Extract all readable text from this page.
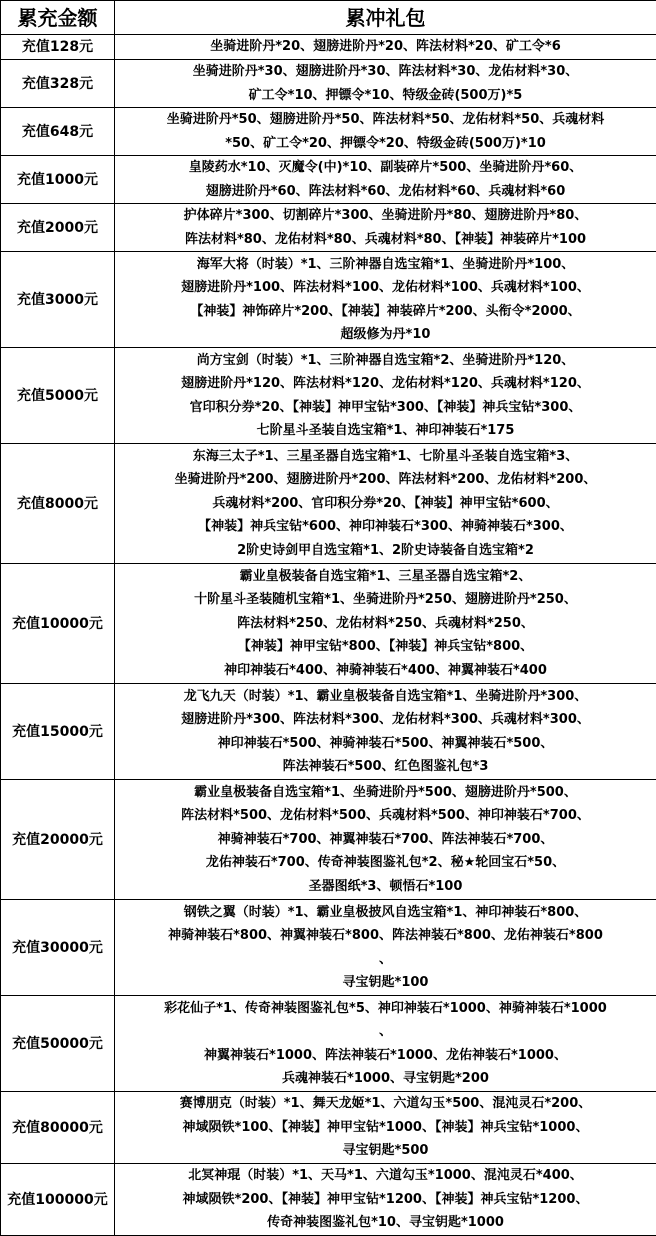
累充金额	累冲礼包
充值128元	坐骑进阶丹*20、翅膀进阶丹*20、阵法材料*20、矿工令*6
充值328元	坐骑进阶丹*30、翅膀进阶丹*30、阵法材料*30、龙佑材料*30、
矿工令*10、押镖令*10、特级金砖(500万)*5
充值648元	坐骑进阶丹*50、翅膀进阶丹*50、阵法材料*50、龙佑材料*50、兵魂材料
*50、矿工令*20、押镖令*20、特级金砖(500万)*10
充值1000元	皇陵药水*10、灭魔令(中)*10、副装碎片*500、坐骑进阶丹*60、
翅膀进阶丹*60、阵法材料*60、龙佑材料*60、兵魂材料*60
充值2000元	护体碎片*300、切割碎片*300、坐骑进阶丹*80、翅膀进阶丹*80、
阵法材料*80、龙佑材料*80、兵魂材料*80、【神装】神装碎片*100
充值3000元	海军大将（时装）*1、三阶神器自选宝箱*1、坐骑进阶丹*100、
翅膀进阶丹*100、阵法材料*100、龙佑材料*100、兵魂材料*100、
【神装】神饰碎片*200、【神装】神装碎片*200、头衔令*2000、
超级修为丹*10
充值5000元	尚方宝剑（时装）*1、三阶神器自选宝箱*2、坐骑进阶丹*120、
翅膀进阶丹*120、阵法材料*120、龙佑材料*120、兵魂材料*120、
官印积分券*20、【神装】神甲宝钻*300、【神装】神兵宝钻*300、
七阶星斗圣装自选宝箱*1、神印神装石*175
充值8000元	东海三太子*1、三星圣器自选宝箱*1、七阶星斗圣装自选宝箱*3、
坐骑进阶丹*200、翅膀进阶丹*200、阵法材料*200、龙佑材料*200、
兵魂材料*200、官印积分券*20、【神装】神甲宝钻*600、
【神装】神兵宝钻*600、神印神装石*300、神骑神装石*300、
2阶史诗剑甲自选宝箱*1、2阶史诗装备自选宝箱*2
充值10000元	霸业皇极装备自选宝箱*1、三星圣器自选宝箱*2、
十阶星斗圣装随机宝箱*1、坐骑进阶丹*250、翅膀进阶丹*250、
阵法材料*250、龙佑材料*250、兵魂材料*250、
【神装】神甲宝钻*800、【神装】神兵宝钻*800、
神印神装石*400、神骑神装石*400、神翼神装石*400
充值15000元	龙飞九天（时装）*1、霸业皇极装备自选宝箱*1、坐骑进阶丹*300、
翅膀进阶丹*300、阵法材料*300、龙佑材料*300、兵魂材料*300、
神印神装石*500、神骑神装石*500、神翼神装石*500、
阵法神装石*500、红色图鉴礼包*3
充值20000元	霸业皇极装备自选宝箱*1、坐骑进阶丹*500、翅膀进阶丹*500、
阵法材料*500、龙佑材料*500、兵魂材料*500、神印神装石*700、
神骑神装石*700、神翼神装石*700、阵法神装石*700、
龙佑神装石*700、传奇神装图鉴礼包*2、秘★轮回宝石*50、
圣器图纸*3、顿悟石*100
充值30000元	钢铁之翼（时装）*1、霸业皇极披风自选宝箱*1、神印神装石*800、
神骑神装石*800、神翼神装石*800、阵法神装石*800、龙佑神装石*800
、
寻宝钥匙*100
充值50000元	彩花仙子*1、传奇神装图鉴礼包*5、神印神装石*1000、神骑神装石*1000
、
神翼神装石*1000、阵法神装石*1000、龙佑神装石*1000、
兵魂神装石*1000、寻宝钥匙*200
充值80000元	赛博朋克（时装）*1、舞天龙姬*1、六道勾玉*500、混沌灵石*200、
神域陨铁*100、【神装】神甲宝钻*1000、【神装】神兵宝钻*1000、
寻宝钥匙*500
充值100000元	北冥神琨（时装）*1、天马*1、六道勾玉*1000、混沌灵石*400、
神域陨铁*200、【神装】神甲宝钻*1200、【神装】神兵宝钻*1200、
传奇神装图鉴礼包*10、寻宝钥匙*1000
